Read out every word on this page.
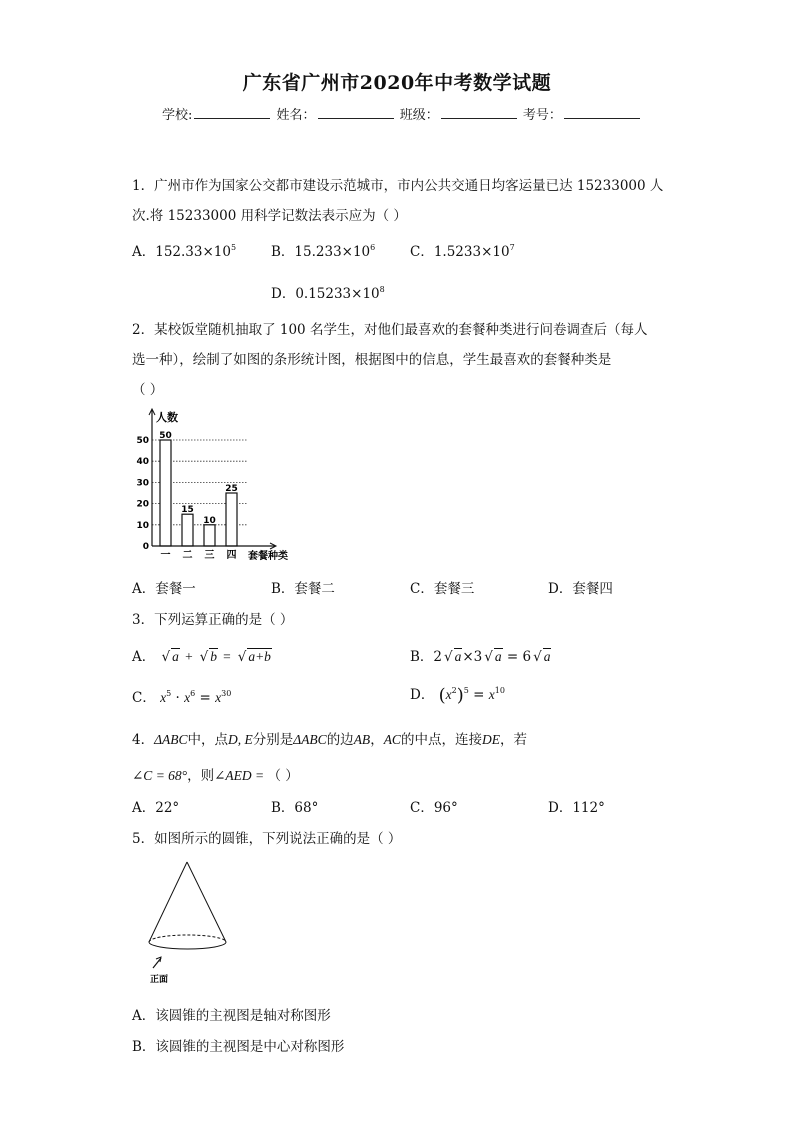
广东省广州市2020年中考数学试题
学校:	姓名：	班级：	考号：
1．广州市作为国家公交都市建设示范城市，市内公共交通日均客运量已达 15233000 人
次.将 15233000 用科学记数法表示应为（ ）
A．$152.33\times 10^5$	B．$15.233\times 10^6$	C．$1.5233\times 10^7$
D．$0.15233\times 10^8$
2．某校饭堂随机抽取了 100 名学生，对他们最喜欢的套餐种类进行问卷调查后（每人
选一种），绘制了如图的条形统计图，根据图中的信息，学生最喜欢的套餐种类是
（ ）
0
10
20
30
40
50 50
一
15
二
10
三
25
四
人数
套餐种类
A．套餐一	B．套餐二	C．套餐三	D．套餐四
3．下列运算正确的是（ ）
A． √ a + √ b = √ a+b	B．2 √ a×3 √ a = 6 √ a
C． $x^5 \cdot x^6 = x^{30}$	D． $(x^2)^5 = x^{10}$
4．ΔABC中，点D, E分别是ΔABC的边AB，AC的中点，连接DE，若
∠C = 68°，则∠AED = （ ）
A．22°	B．68°	C．96°	D．112°
5．如图所示的圆锥，下列说法正确的是（ ）
正面
A．该圆锥的主视图是轴对称图形
B．该圆锥的主视图是中心对称图形
